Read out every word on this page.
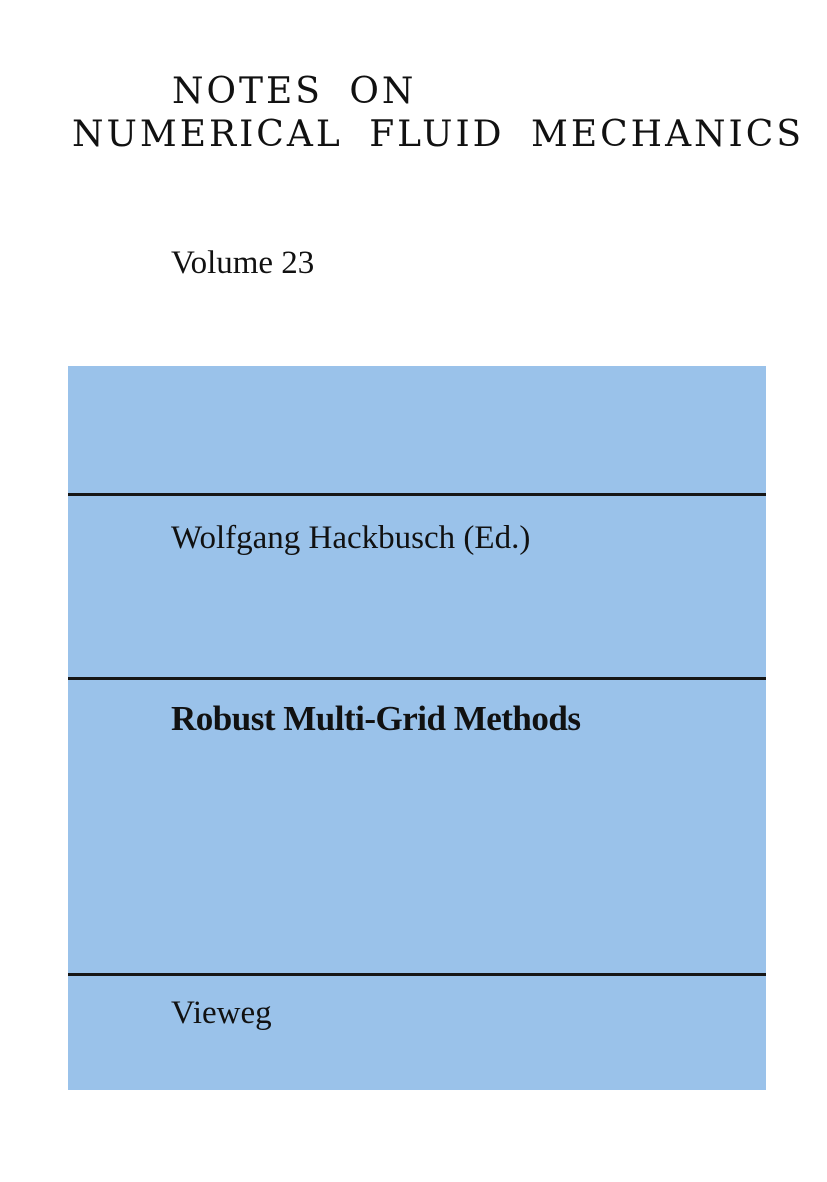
NOTES ON
NUMERICAL FLUID MECHANICS
Volume 23
Wolfgang Hackbusch (Ed.)
Robust Multi-Grid Methods
Vieweg
